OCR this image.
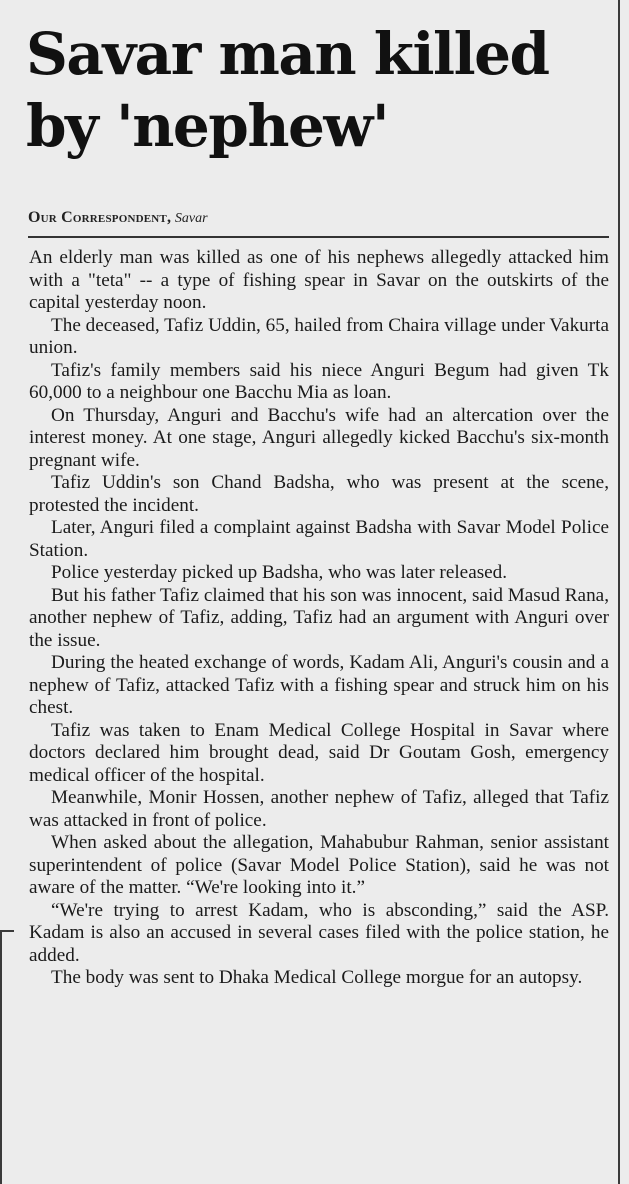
Savar man killed by 'nephew'
Our Correspondent, Savar

An elderly man was killed as one of his nephews allegedly attacked him with a "teta" -- a type of fishing spear in Savar on the outskirts of the capital yesterday noon.

The deceased, Tafiz Uddin, 65, hailed from Chaira village under Vakurta union.

Tafiz's family members said his niece Anguri Begum had given Tk 60,000 to a neighbour one Bacchu Mia as loan.

On Thursday, Anguri and Bacchu's wife had an altercation over the interest money. At one stage, Anguri allegedly kicked Bacchu's six-month pregnant wife.

Tafiz Uddin's son Chand Badsha, who was present at the scene, protested the incident.

Later, Anguri filed a complaint against Badsha with Savar Model Police Station.

Police yesterday picked up Badsha, who was later released.

But his father Tafiz claimed that his son was innocent, said Masud Rana, another nephew of Tafiz, adding, Tafiz had an argument with Anguri over the issue.

During the heated exchange of words, Kadam Ali, Anguri's cousin and a nephew of Tafiz, attacked Tafiz with a fishing spear and struck him on his chest.

Tafiz was taken to Enam Medical College Hospital in Savar where doctors declared him brought dead, said Dr Goutam Gosh, emergency medical officer of the hospital.

Meanwhile, Monir Hossen, another nephew of Tafiz, alleged that Tafiz was attacked in front of police.

When asked about the allegation, Mahabubur Rahman, senior assistant superintendent of police (Savar Model Police Station), said he was not aware of the matter. “We're looking into it.”

“We're trying to arrest Kadam, who is absconding,” said the ASP. Kadam is also an accused in several cases filed with the police station, he added.

The body was sent to Dhaka Medical College morgue for an autopsy.
